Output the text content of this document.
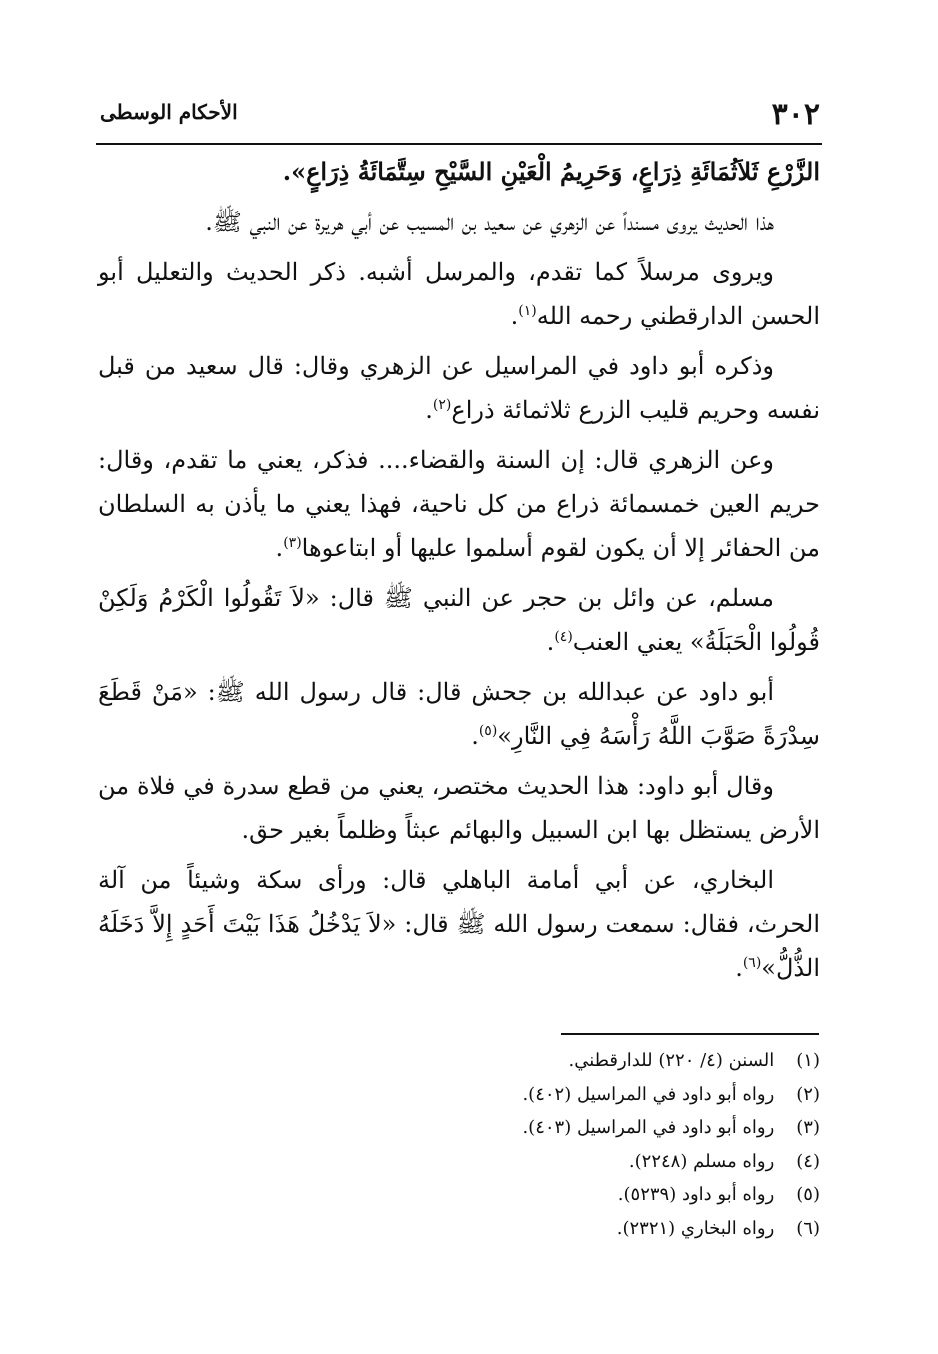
٣٠٢
الأحكام الوسطى

الزَّرْعِ ثَلاَثُمَائَةِ ذِرَاعٍ، وَحَرِيمُ الْعَيْنِ السَّيْحِ سِتَّمَائَةُ ذِرَاعٍ».

هذا الحديث يروى مسنداً عن الزهري عن سعيد بن المسيب عن أبي هريرة عن النبي ﷺ.

ويروى مرسلاً كما تقدم، والمرسل أشبه. ذكر الحديث والتعليل أبو الحسن الدارقطني رحمه الله$^{(١)}$.

وذكره أبو داود في المراسيل عن الزهري وقال: قال سعيد من قبل نفسه وحريم قليب الزرع ثلاثمائة ذراع$^{(٢)}$.

وعن الزهري قال: إن السنة والقضاء.... فذكر، يعني ما تقدم، وقال: حريم العين خمسمائة ذراع من كل ناحية، فهذا يعني ما يأذن به السلطان من الحفائر إلا أن يكون لقوم أسلموا عليها أو ابتاعوها$^{(٣)}$.

مسلم، عن وائل بن حجر عن النبي ﷺ قال: «لاَ تَقُولُوا الْكَرْمُ وَلَكِنْ قُولُوا الْحَبَلَةُ» يعني العنب$^{(٤)}$.

أبو داود عن عبدالله بن جحش قال: قال رسول الله ﷺ: «مَنْ قَطَعَ سِدْرَةً صَوَّبَ اللَّهُ رَأْسَهُ فِي النَّارِ»$^{(٥)}$.

وقال أبو داود: هذا الحديث مختصر، يعني من قطع سدرة في فلاة من الأرض يستظل بها ابن السبيل والبهائم عبثاً وظلماً بغير حق.

البخاري، عن أبي أمامة الباهلي قال: ورأى سكة وشيئاً من آلة الحرث، فقال: سمعت رسول الله ﷺ قال: «لاَ يَدْخُلُ هَذَا بَيْتَ أَحَدٍ إِلاَّ دَخَلَهُ الذُّلُّ»$^{(٦)}$.

(١) السنن (٤/ ٢٢٠) للدارقطني.
(٢) رواه أبو داود في المراسيل (٤٠٢).
(٣) رواه أبو داود في المراسيل (٤٠٣).
(٤) رواه مسلم (٢٢٤٨).
(٥) رواه أبو داود (٥٢٣٩).
(٦) رواه البخاري (٢٣٢١).
